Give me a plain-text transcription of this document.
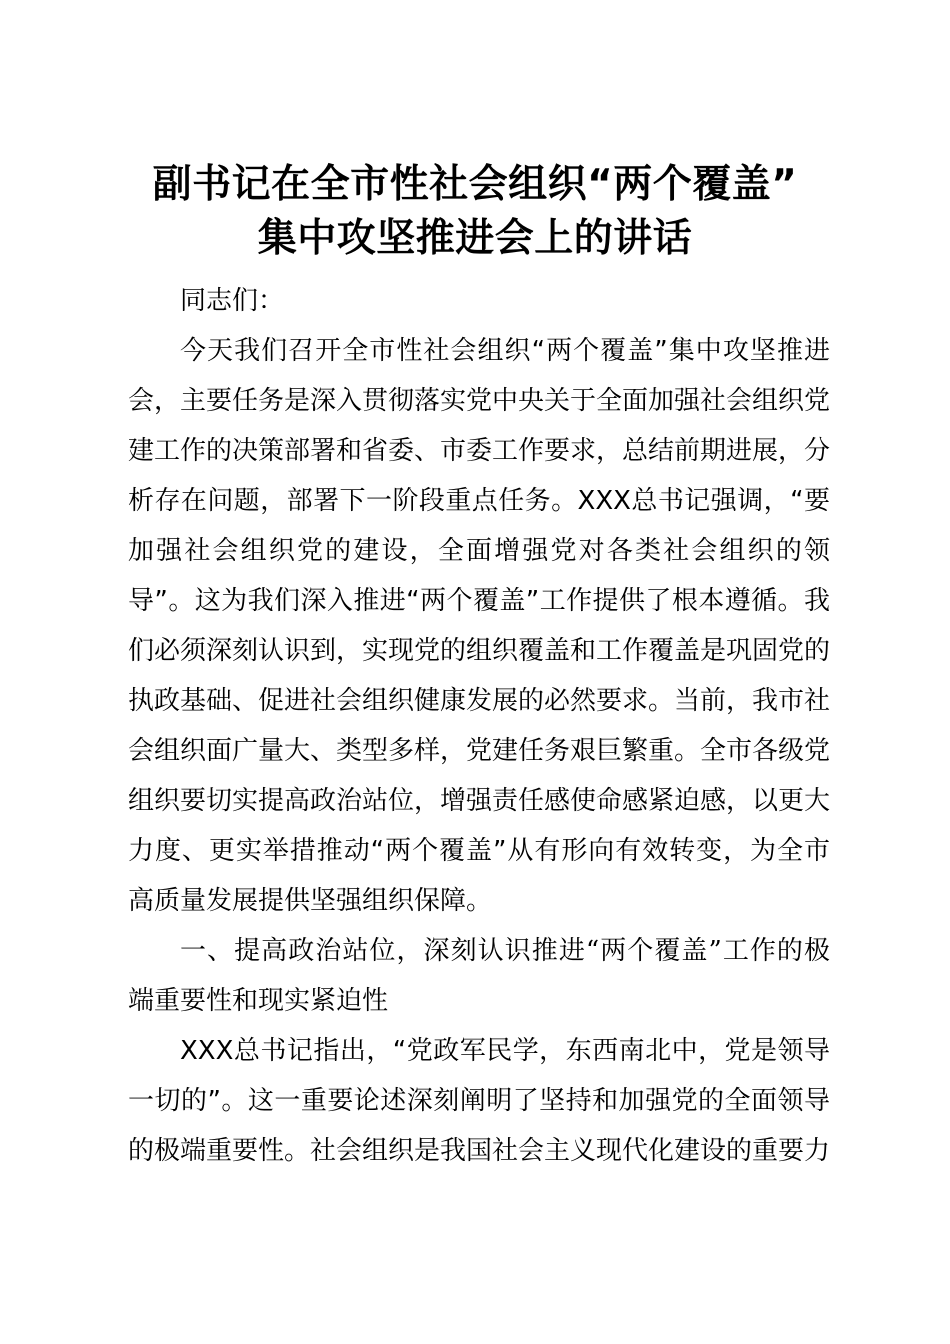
副书记在全市性社会组织“两个覆盖”
集中攻坚推进会上的讲话

同志们：

今天我们召开全市性社会组织“两个覆盖”集中攻坚推进会，主要任务是深入贯彻落实党中央关于全面加强社会组织党建工作的决策部署和省委、市委工作要求，总结前期进展，分析存在问题，部署下一阶段重点任务。XXX总书记强调，“要加强社会组织党的建设，全面增强党对各类社会组织的领导”。这为我们深入推进“两个覆盖”工作提供了根本遵循。我们必须深刻认识到，实现党的组织覆盖和工作覆盖是巩固党的执政基础、促进社会组织健康发展的必然要求。当前，我市社会组织面广量大、类型多样，党建任务艰巨繁重。全市各级党组织要切实提高政治站位，增强责任感使命感紧迫感，以更大力度、更实举措推动“两个覆盖”从有形向有效转变，为全市高质量发展提供坚强组织保障。

一、提高政治站位，深刻认识推进“两个覆盖”工作的极端重要性和现实紧迫性

XXX总书记指出，“党政军民学，东西南北中，党是领导一切的”。这一重要论述深刻阐明了坚持和加强党的全面领导的极端重要性。社会组织是我国社会主义现代化建设的重要力
